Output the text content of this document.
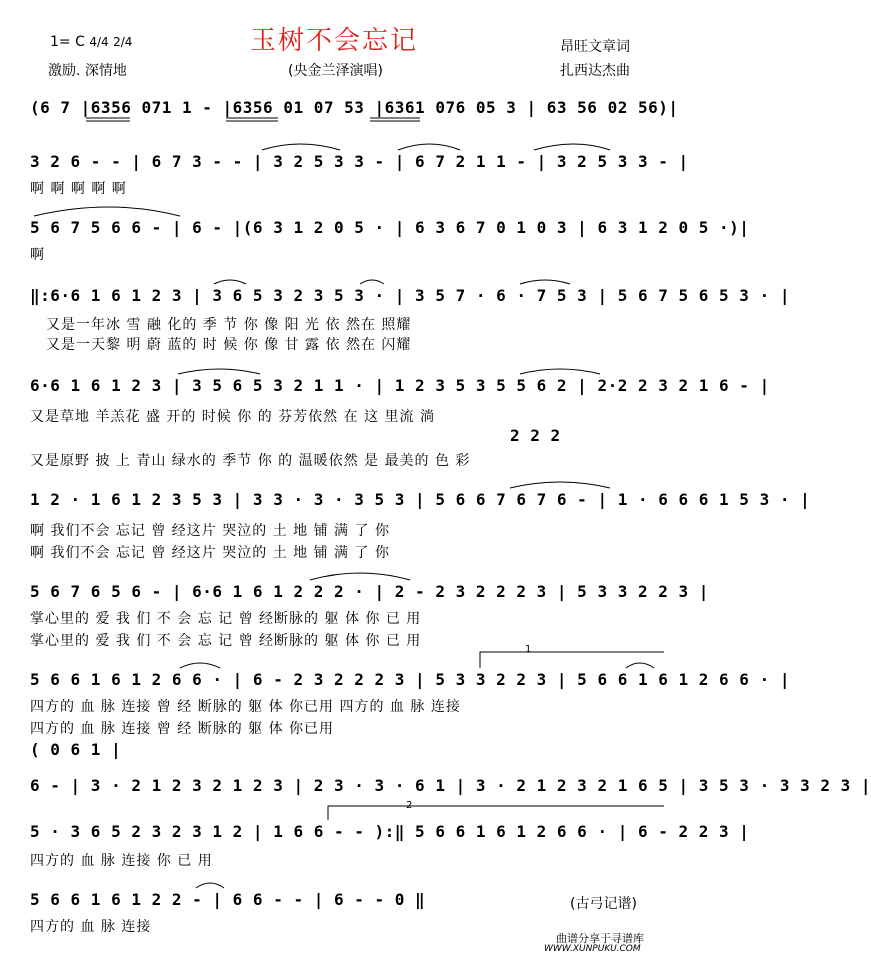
玉树不会忘记
1= C 4/4 2/4
激励. 深情地	(央金兰泽演唱)
昂旺文章词
扎西达杰曲
(6 7 |6356 071 1 - |6356 01 07 53 |6361 076 05 3 | 63 56 02 56)|
3 2 6 - - | 6 7 3 - - | 3 2 5 3 3 - | 6 7 2 1 1 - | 3 2 5 3 3 - |
啊 啊 啊 啊 啊
5 6 7 5 6 6 - | 6 - |(6 3 1 2 0 5 · | 6 3 6 7 0 1 0 3 | 6 3 1 2 0 5 ·)|
啊
‖:6·6 1 6 1 2 3 | 3 6 5 3 2 3 5 3 · | 3 5 7 · 6 · 7 5 3 | 5 6 7 5 6 5 3 · |
又是一年冰 雪 融 化的 季 节 你 像 阳 光 依 然在 照耀
又是一天黎 明 蔚 蓝的 时 候 你 像 甘 露 依 然在 闪耀
6·6 1 6 1 2 3 | 3 5 6 5 3 2 1 1 · | 1 2 3 5 3 5 5 6 2 | 2·2 2 3 2 1 6 - |
又是草地 羊羔花 盛 开的 时候 你 的 芬芳依然 在 这 里流 淌
2 2 2
又是原野 披 上 青山 绿水的 季节 你 的 温暖依然 是 最美的 色 彩
1 2 · 1 6 1 2 3 5 3 | 3 3 · 3 · 3 5 3 | 5 6 6 7 6 7 6 - | 1 · 6 6 6 1 5 3 · |
啊 我们不会 忘记 曾 经这片 哭泣的 土 地 铺 满 了 你
啊 我们不会 忘记 曾 经这片 哭泣的 土 地 铺 满 了 你
5 6 7 6 5 6 - | 6·6 1 6 1 2 2 2 · | 2 - 2 3 2 2 2 3 | 5 3 3 2 2 3 |
掌心里的 爱 我 们 不 会 忘 记 曾 经断脉的 躯 体 你 已 用
掌心里的 爱 我 们 不 会 忘 记 曾 经断脉的 躯 体 你 已 用
5 6 6 1 6 1 2 6 6 · | 6 - 2 3 2 2 2 3 | 5 3 3 2 2 3 | 5 6 6 1 6 1 2 6 6 · |
四方的 血 脉 连接 曾 经 断脉的 躯 体 你已用 四方的 血 脉 连接
四方的 血 脉 连接 曾 经 断脉的 躯 体 你已用
1
( 0 6 1 |
6 - | 3 · 2 1 2 3 2 1 2 3 | 2 3 · 3 · 6 1 | 3 · 2 1 2 3 2 1 6 5 | 3 5 3 · 3 3 2 3 |
5 · 3 6 5 2 3 2 3 1 2 | 1 6 6 - - ):‖ 5 6 6 1 6 1 2 6 6 · | 6 - 2 2 3 |
四方的 血 脉 连接 你 已 用
2
5 6 6 1 6 1 2 2 - | 6 6 - - | 6 - - 0 ‖
四方的 血 脉 连接
(古弓记谱)
曲谱分享于寻谱库
WWW.XUNPUKU.COM
